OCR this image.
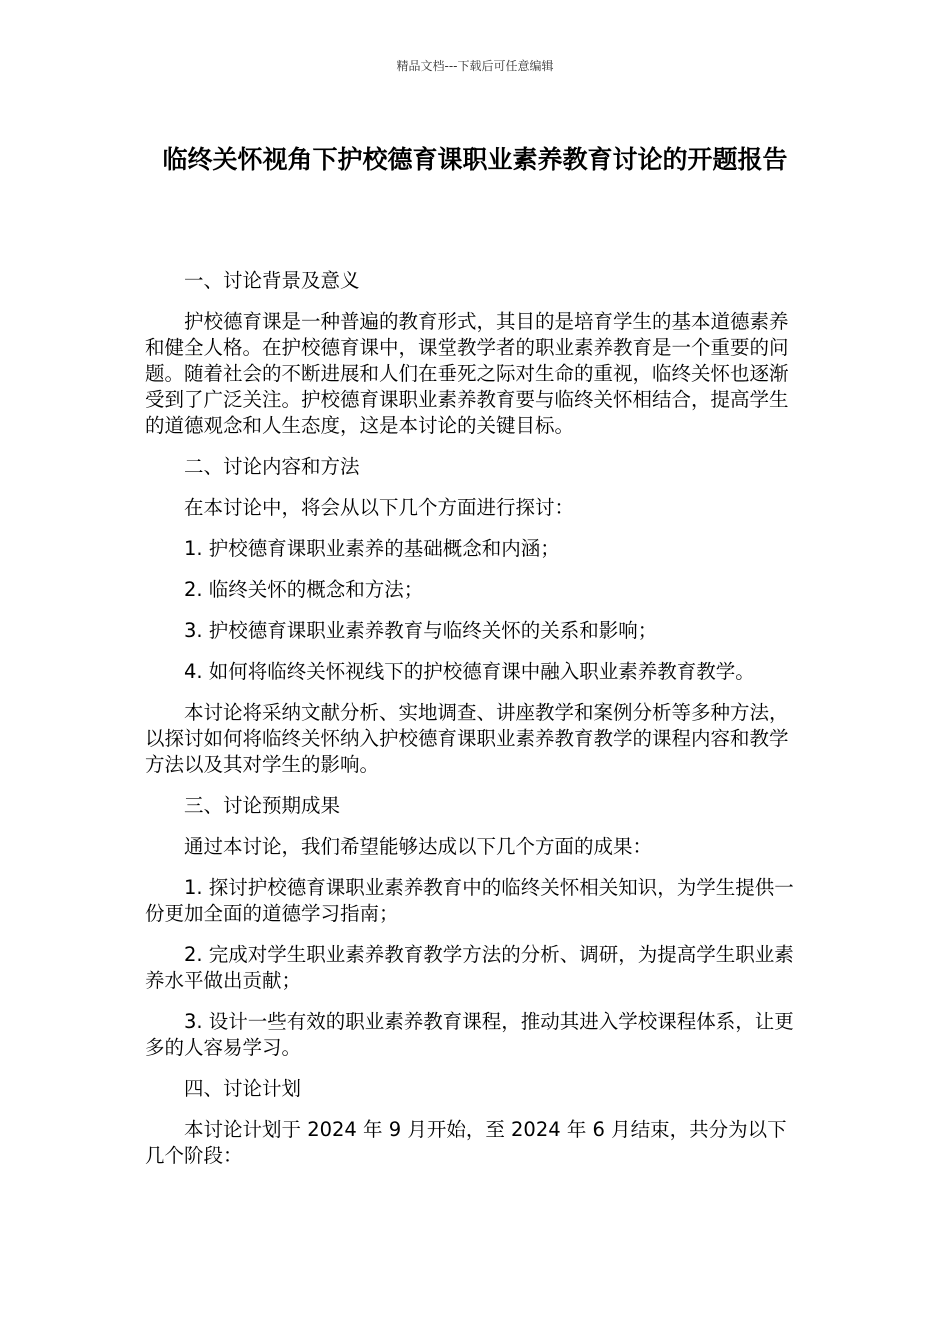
精品文档---下载后可任意编辑
临终关怀视角下护校德育课职业素养教育讨论的开题报告

一、讨论背景及意义

护校德育课是一种普遍的教育形式，其目的是培育学生的基本道德素养和健全人格。在护校德育课中，课堂教学者的职业素养教育是一个重要的问题。随着社会的不断进展和人们在垂死之际对生命的重视，临终关怀也逐渐受到了广泛关注。护校德育课职业素养教育要与临终关怀相结合，提高学生的道德观念和人生态度，这是本讨论的关键目标。

二、讨论内容和方法

在本讨论中，将会从以下几个方面进行探讨：

1. 护校德育课职业素养的基础概念和内涵；

2. 临终关怀的概念和方法；

3. 护校德育课职业素养教育与临终关怀的关系和影响；

4. 如何将临终关怀视线下的护校德育课中融入职业素养教育教学。

本讨论将采纳文献分析、实地调查、讲座教学和案例分析等多种方法，以探讨如何将临终关怀纳入护校德育课职业素养教育教学的课程内容和教学方法以及其对学生的影响。

三、讨论预期成果

通过本讨论，我们希望能够达成以下几个方面的成果：

1. 探讨护校德育课职业素养教育中的临终关怀相关知识，为学生提供一份更加全面的道德学习指南；

2. 完成对学生职业素养教育教学方法的分析、调研，为提高学生职业素养水平做出贡献；

3. 设计一些有效的职业素养教育课程，推动其进入学校课程体系，让更多的人容易学习。

四、讨论计划

本讨论计划于 2024 年 9 月开始，至 2024 年 6 月结束，共分为以下几个阶段：
